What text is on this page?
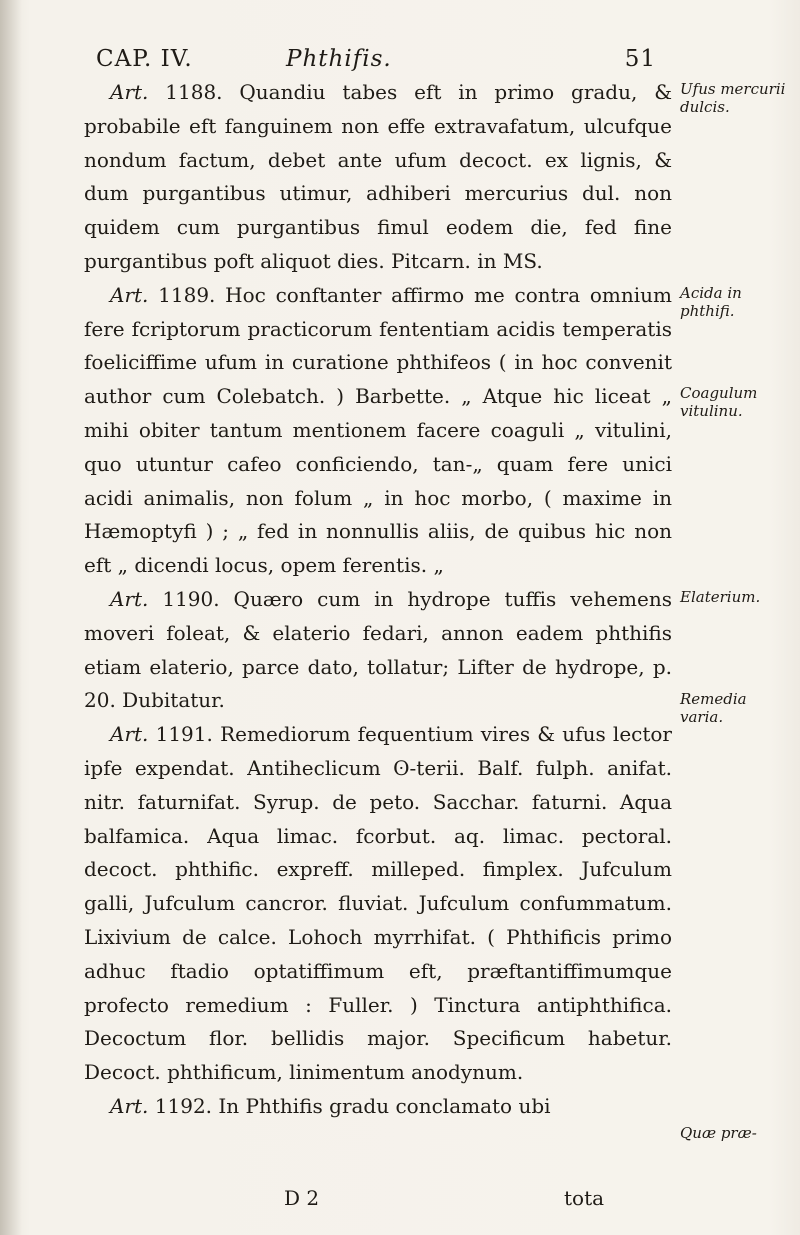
CAP. IV.	Phthifis.	51

Art. 1188. Quandiu tabes eft in primo gradu, & probabile eft fanguinem non effe extravafatum, ulcufque nondum factum, debet ante ufum decoct. ex lignis, & dum purgantibus utimur, adhiberi mercurius dul. non quidem cum purgantibus fimul eodem die, fed fine purgantibus poft aliquot dies. Pitcarn. in MS.

Art. 1189. Hoc conftanter affirmo me contra omnium fere fcriptorum practicorum fententiam acidis temperatis foeliciffime ufum in curatione phthifeos ( in hoc convenit author cum Colebatch. ) Barbette. „ Atque hic liceat „ mihi obiter tantum mentionem facere coaguli „ vitulini, quo utuntur cafeo conficiendo, tan-„ quam fere unici acidi animalis, non folum „ in hoc morbo, ( maxime in Hæmoptyfi ) ; „ fed in nonnullis aliis, de quibus hic non eft „ dicendi locus, opem ferentis. „

Art. 1190. Quæro cum in hydrope tuffis vehemens moveri foleat, & elaterio fedari, annon eadem phthifis etiam elaterio, parce dato, tollatur; Lifter de hydrope, p. 20. Dubitatur.

Art. 1191. Remediorum fequentium vires & ufus lector ipfe expendat. Antiheclicum ʘ-terii. Balf. fulph. anifat. nitr. faturnifat. Syrup. de peto. Sacchar. faturni. Aqua balfamica. Aqua limac. fcorbut. aq. limac. pectoral. decoct. phthific. expreff. milleped. fimplex. Jufculum galli, Jufculum cancror. fluviat. Jufculum confummatum. Lixivium de calce. Lohoch myrrhifat. ( Phthificis primo adhuc ftadio optatiffimum eft, præftantiffimumque profecto remedium : Fuller. ) Tinctura antiphthifica. Decoctum flor. bellidis major. Specificum habetur. Decoct. phthificum, linimentum anodynum.

Art. 1192. In Phthifis gradu conclamato ubi

Ufus mercurii dulcis.
Acida in phthifi.
Coagulum vitulinu.
Elaterium.
Remedia varia.
Quæ præ-
D 2	tota
